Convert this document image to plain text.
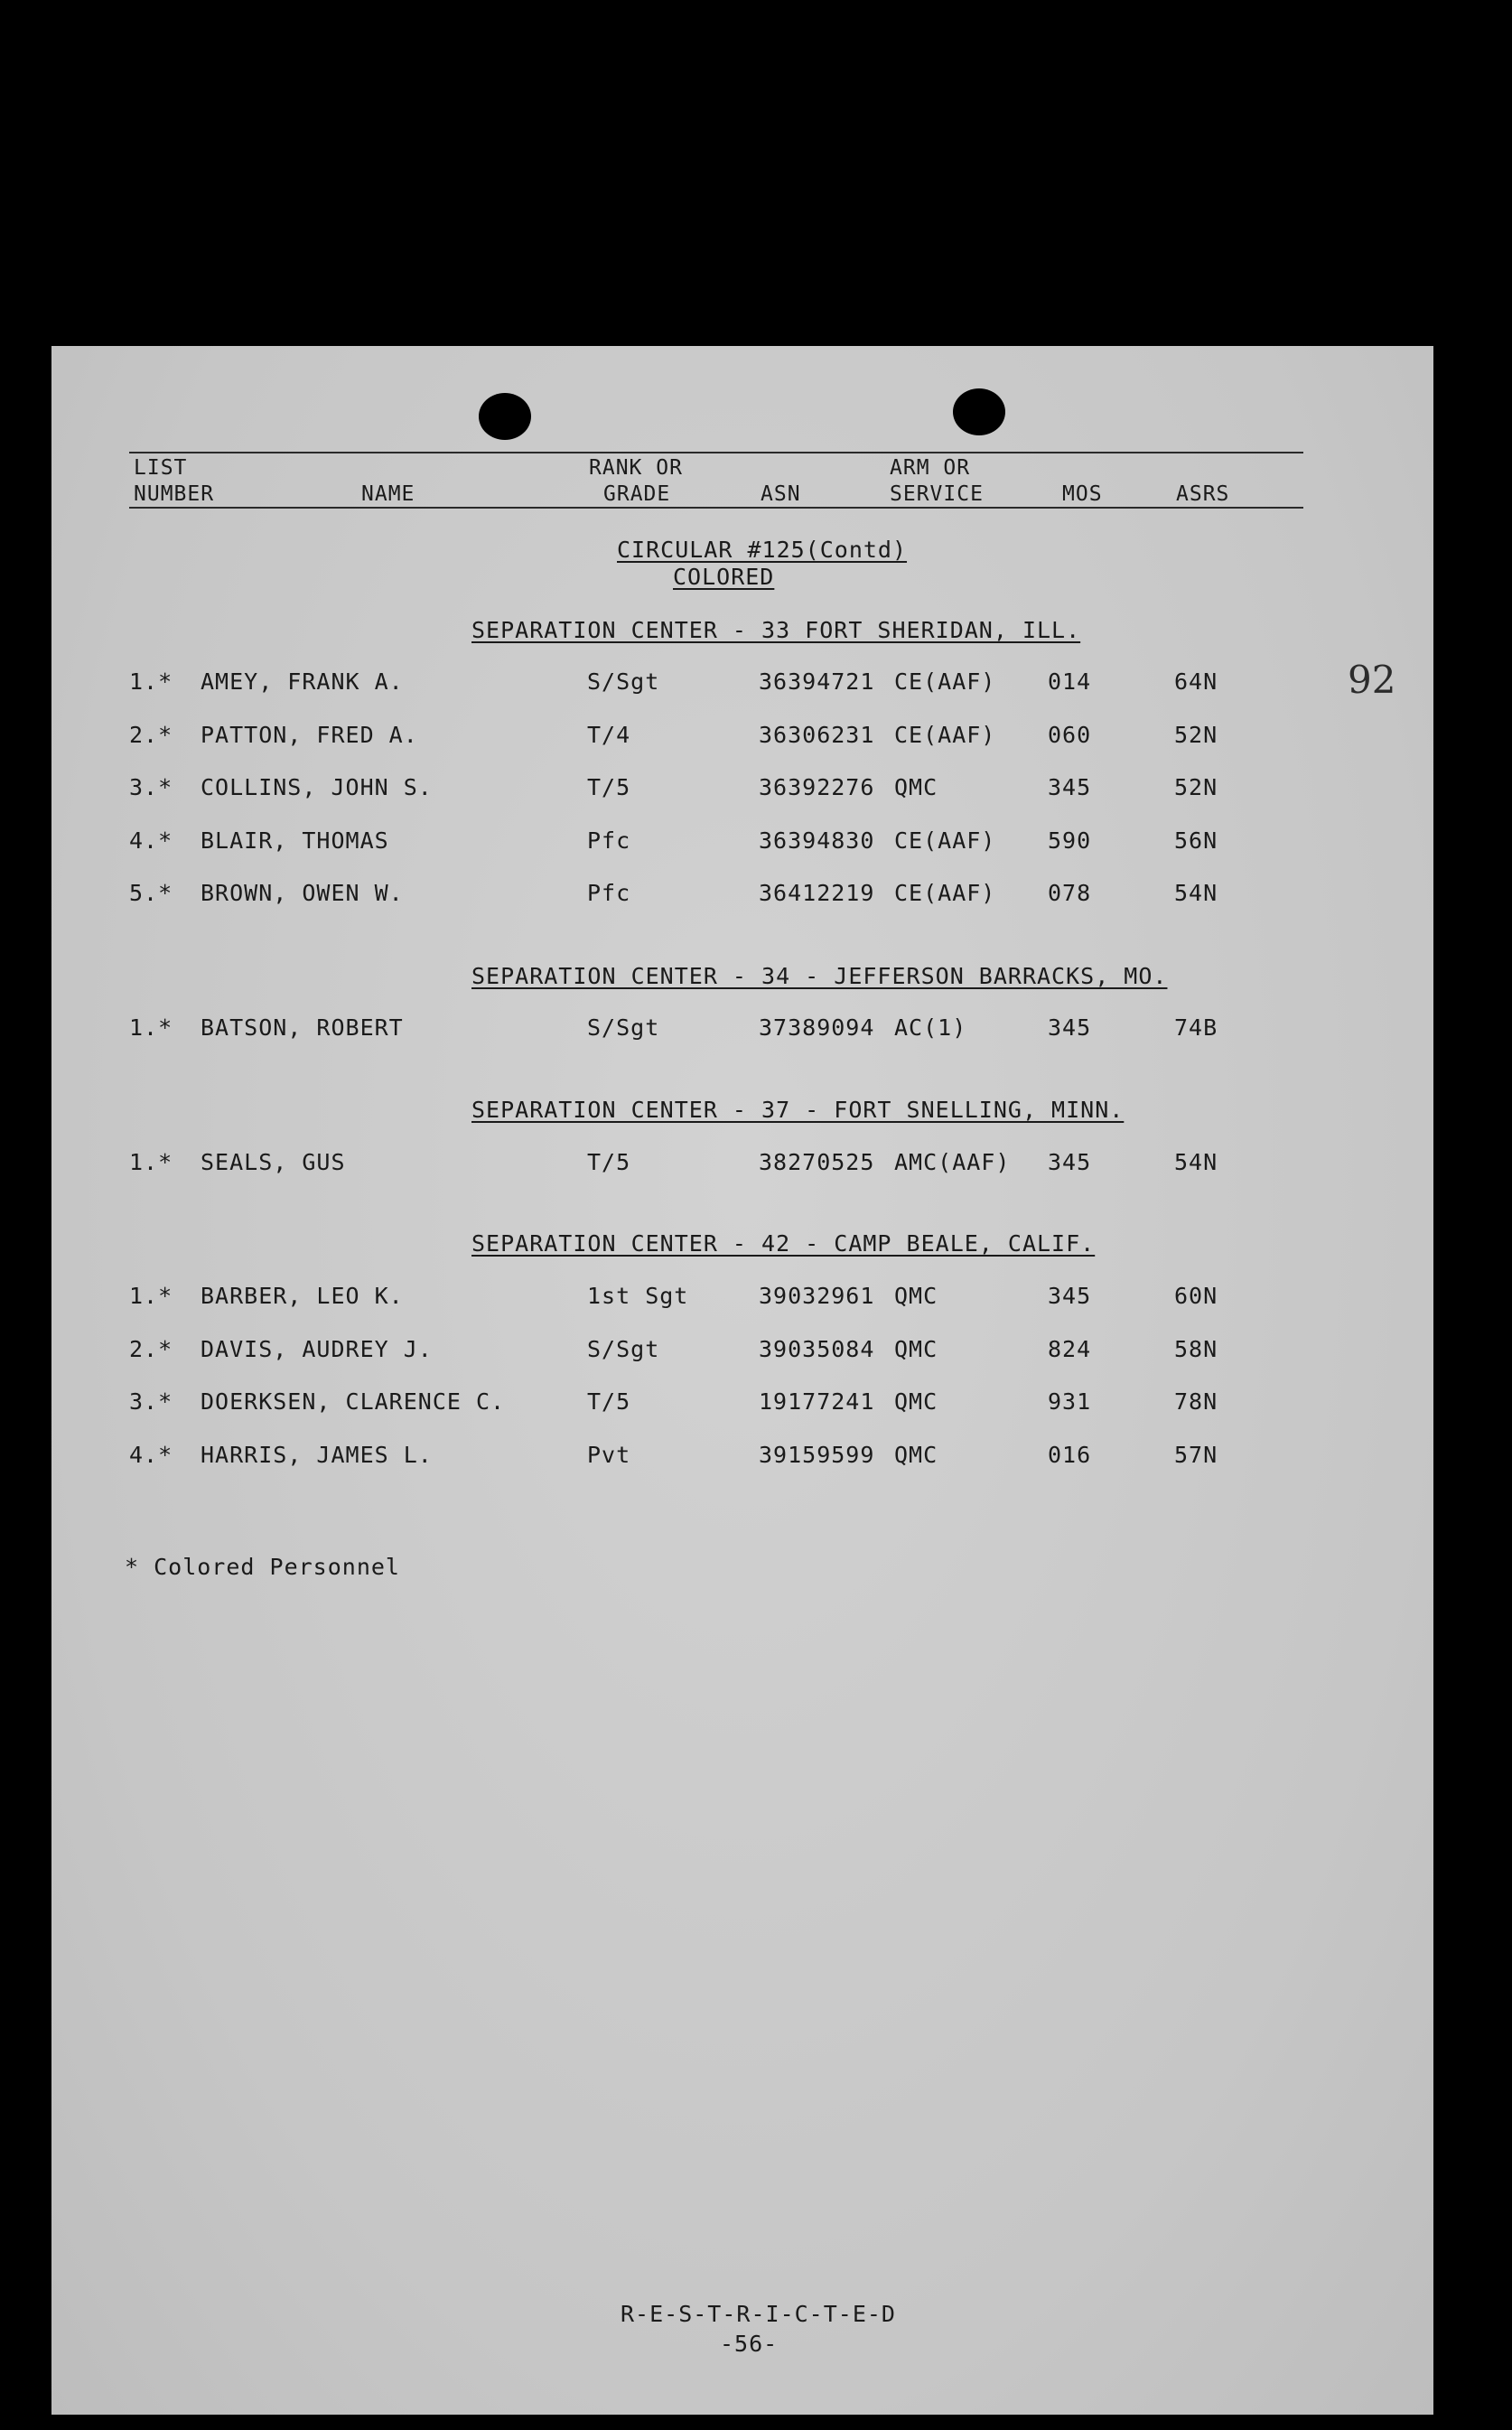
LIST
NUMBER	NAME
RANK OR
GRADE	ASN
ARM OR
SERVICE	MOS	ASRS
CIRCULAR #125(Contd)
COLORED
92
SEPARATION CENTER - 33 FORT SHERIDAN, ILL.
1.* AMEY, FRANK A.	S/Sgt	36394721 CE(AAF) 014	64N
2.* PATTON, FRED A.	T/4	36306231 CE(AAF) 060	52N
3.* COLLINS, JOHN S.	T/5	36392276 QMC	345	52N
4.* BLAIR, THOMAS	Pfc	36394830 CE(AAF) 590	56N
5.* BROWN, OWEN W.	Pfc	36412219 CE(AAF) 078	54N
SEPARATION CENTER - 34 - JEFFERSON BARRACKS, MO.
1.* BATSON, ROBERT	S/Sgt	37389094 AC(1)	345	74B
SEPARATION CENTER - 37 - FORT SNELLING, MINN.
1.* SEALS, GUS	T/5	38270525 AMC(AAF) 345	54N
SEPARATION CENTER - 42 - CAMP BEALE, CALIF.
1.* BARBER, LEO K.	1st Sgt	39032961 QMC	345	60N
2.* DAVIS, AUDREY J.	S/Sgt	39035084 QMC	824	58N
3.* DOERKSEN, CLARENCE C.	T/5	19177241 QMC	931	78N
4.* HARRIS, JAMES L.	Pvt	39159599 QMC	016	57N
* Colored Personnel
R-E-S-T-R-I-C-T-E-D
-56-
